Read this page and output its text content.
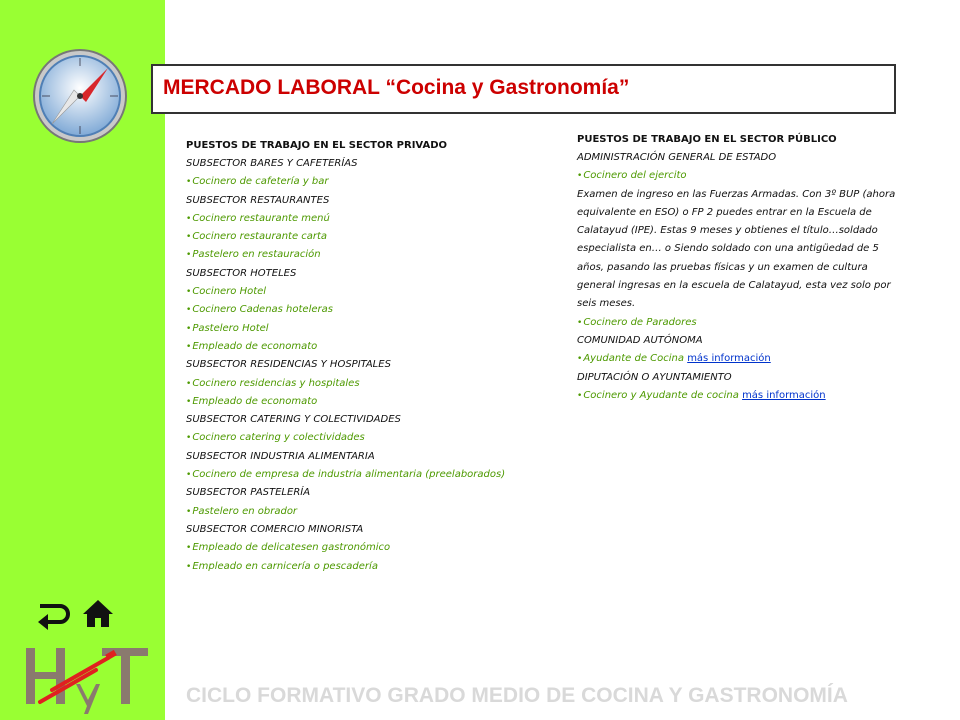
MERCADO LABORAL “Cocina y Gastronomía”
PUESTOS DE TRABAJO EN EL SECTOR PRIVADO
SUBSECTOR BARES Y CAFETERÍAS
•Cocinero de cafetería y bar
SUBSECTOR RESTAURANTES
•Cocinero restaurante menú
•Cocinero restaurante carta
•Pastelero en restauración
SUBSECTOR HOTELES
•Cocinero Hotel
•Cocinero Cadenas hoteleras
•Pastelero Hotel
•Empleado de economato
SUBSECTOR RESIDENCIAS Y HOSPITALES
•Cocinero residencias y hospitales
•Empleado de economato
SUBSECTOR CATERING Y COLECTIVIDADES
•Cocinero catering y colectividades
SUBSECTOR INDUSTRIA ALIMENTARIA
•Cocinero de empresa de industria alimentaria (preelaborados)
SUBSECTOR PASTELERÍA
•Pastelero en obrador
SUBSECTOR COMERCIO MINORISTA
•Empleado de delicatesen gastronómico
•Empleado en carnicería o pescadería
PUESTOS DE TRABAJO EN EL SECTOR PÚBLICO
ADMINISTRACIÓN GENERAL DE ESTADO
•Cocinero del ejercito
Examen de ingreso en las Fuerzas Armadas. Con 3º BUP (ahora equivalente en ESO) o FP 2 puedes entrar en la Escuela de Calatayud (IPE). Estas 9 meses y obtienes el título…soldado especialista en… o Siendo soldado con una antigüedad de 5 años, pasando las pruebas físicas y un examen de cultura general ingresas en la escuela de Calatayud, esta vez solo por seis meses.
•Cocinero de Paradores
COMUNIDAD AUTÓNOMA
•Ayudante de Cocina más información
DIPUTACIÓN O AYUNTAMIENTO
•Cocinero y Ayudante de cocina más información
CICLO FORMATIVO GRADO MEDIO DE COCINA Y GASTRONOMÍA
